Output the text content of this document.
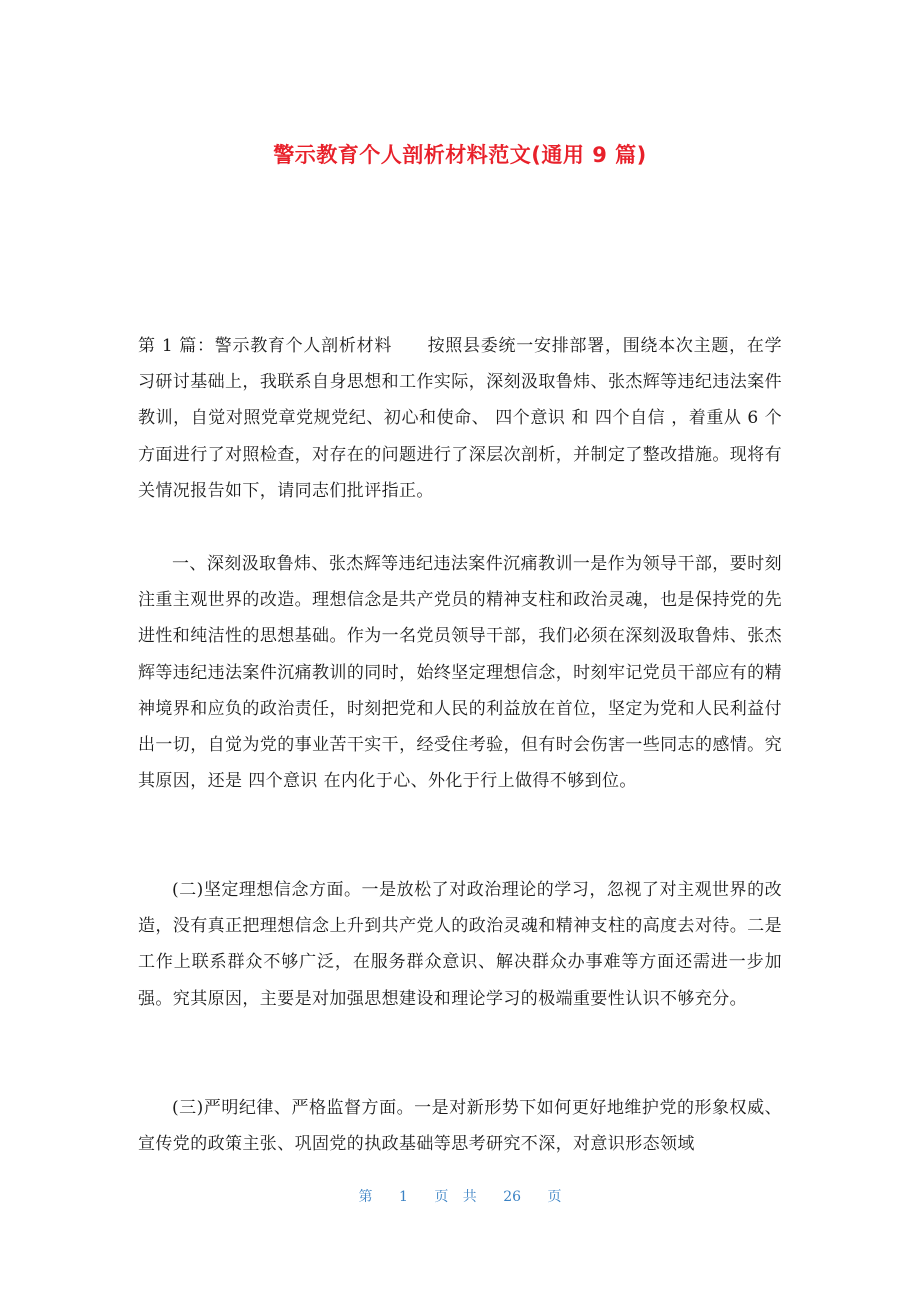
警示教育个人剖析材料范文(通用 9 篇)

第 1 篇：警示教育个人剖析材料　　按照县委统一安排部署，围绕本次主题，在学习研讨基础上，我联系自身思想和工作实际，深刻汲取鲁炜、张杰辉等违纪违法案件教训，自觉对照党章党规党纪、初心和使命、 四个意识 和 四个自信 ，着重从 6 个方面进行了对照检查，对存在的问题进行了深层次剖析，并制定了整改措施。现将有关情况报告如下，请同志们批评指正。

一、深刻汲取鲁炜、张杰辉等违纪违法案件沉痛教训一是作为领导干部，要时刻注重主观世界的改造。理想信念是共产党员的精神支柱和政治灵魂，也是保持党的先进性和纯洁性的思想基础。作为一名党员领导干部，我们必须在深刻汲取鲁炜、张杰辉等违纪违法案件沉痛教训的同时，始终坚定理想信念，时刻牢记党员干部应有的精神境界和应负的政治责任，时刻把党和人民的利益放在首位，坚定为党和人民利益付出一切，自觉为党的事业苦干实干，经受住考验，但有时会伤害一些同志的感情。究其原因，还是 四个意识 在内化于心、外化于行上做得不够到位。

(二)坚定理想信念方面。一是放松了对政治理论的学习，忽视了对主观世界的改造，没有真正把理想信念上升到共产党人的政治灵魂和精神支柱的高度去对待。二是工作上联系群众不够广泛，在服务群众意识、解决群众办事难等方面还需进一步加强。究其原因，主要是对加强思想建设和理论学习的极端重要性认识不够充分。

(三)严明纪律、严格监督方面。一是对新形势下如何更好地维护党的形象权威、宣传党的政策主张、巩固党的执政基础等思考研究不深，对意识形态领域

第 1 页 共 26 页
